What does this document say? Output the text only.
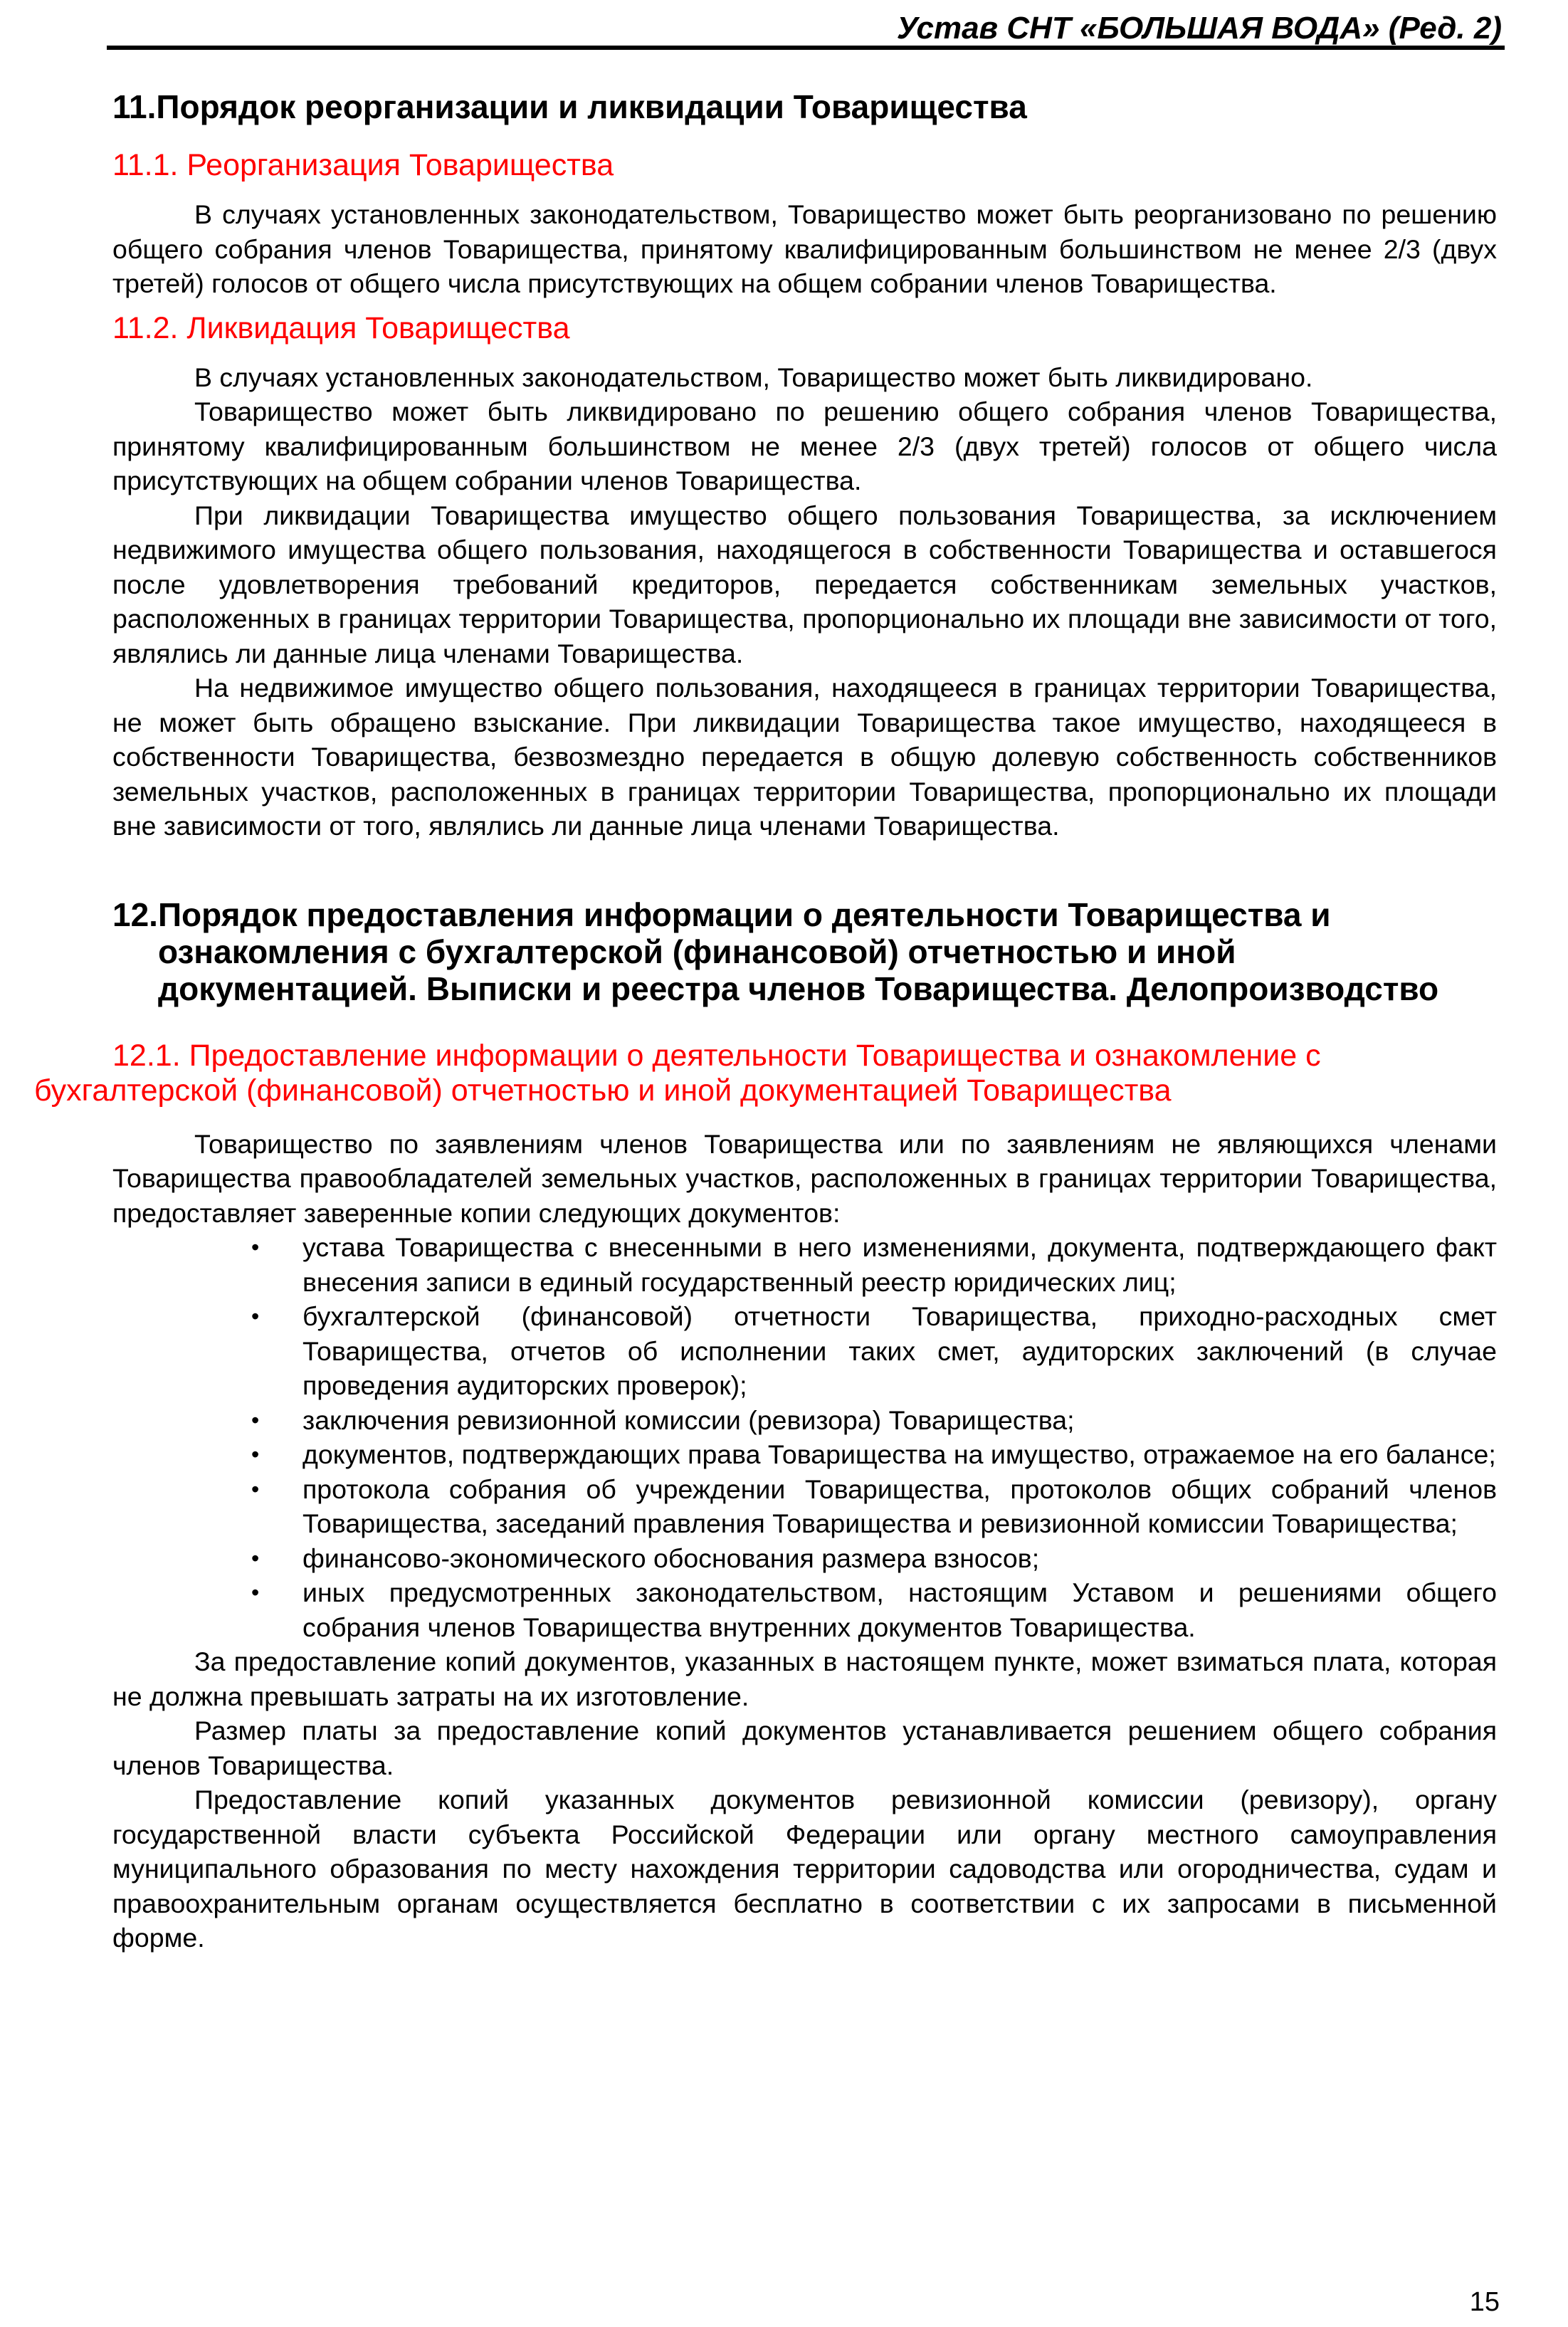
Устав СНТ «БОЛЬШАЯ ВОДА» (Ред. 2)
11.Порядок реорганизации и ликвидации Товарищества
11.1. Реорганизация Товарищества

В случаях установленных законодательством, Товарищество может быть реорганизовано по решению общего собрания членов Товарищества, принятому квалифицированным большинством не менее 2/3 (двух третей) голосов от общего числа присутствующих на общем собрании членов Товарищества.

11.2. Ликвидация Товарищества

В случаях установленных законодательством, Товарищество может быть ликвидировано.

Товарищество может быть ликвидировано по решению общего собрания членов Товарищества, принятому квалифицированным большинством не менее 2/3 (двух третей) голосов от общего числа присутствующих на общем собрании членов Товарищества.

При ликвидации Товарищества имущество общего пользования Товарищества, за исключением недвижимого имущества общего пользования, находящегося в собственности Товарищества и оставшегося после удовлетворения требований кредиторов, передается собственникам земельных участков, расположенных в границах территории Товарищества, пропорционально их площади вне зависимости от того, являлись ли данные лица членами Товарищества.

На недвижимое имущество общего пользования, находящееся в границах территории Товарищества, не может быть обращено взыскание. При ликвидации Товарищества такое имущество, находящееся в собственности Товарищества, безвозмездно передается в общую долевую собственность собственников земельных участков, расположенных в границах территории Товарищества, пропорционально их площади вне зависимости от того, являлись ли данные лица членами Товарищества.

12. Порядок предоставления информации о деятельности Товарищества и ознакомления с бухгалтерской (финансовой) отчетностью и иной документацией. Выписки и реестра членов Товарищества. Делопроизводство
12.1. Предоставление информации о деятельности Товарищества и ознакомление с бухгалтерской (финансовой) отчетностью и иной документацией Товарищества

Товарищество по заявлениям членов Товарищества или по заявлениям не являющихся членами Товарищества правообладателей земельных участков, расположенных в границах территории Товарищества, предоставляет заверенные копии следующих документов:

• устава Товарищества с внесенными в него изменениями, документа, подтверждающего факт внесения записи в единый государственный реестр юридических лиц;
• бухгалтерской (финансовой) отчетности Товарищества, приходно-расходных смет Товарищества, отчетов об исполнении таких смет, аудиторских заключений (в случае проведения аудиторских проверок);
• заключения ревизионной комиссии (ревизора) Товарищества;
• документов, подтверждающих права Товарищества на имущество, отражаемое на его балансе;
• протокола собрания об учреждении Товарищества, протоколов общих собраний членов Товарищества, заседаний правления Товарищества и ревизионной комиссии Товарищества;
• финансово-экономического обоснования размера взносов;
• иных предусмотренных законодательством, настоящим Уставом и решениями общего собрания членов Товарищества внутренних документов Товарищества.

За предоставление копий документов, указанных в настоящем пункте, может взиматься плата, которая не должна превышать затраты на их изготовление.

Размер платы за предоставление копий документов устанавливается решением общего собрания членов Товарищества.

Предоставление копий указанных документов ревизионной комиссии (ревизору), органу государственной власти субъекта Российской Федерации или органу местного самоуправления муниципального образования по месту нахождения территории садоводства или огородничества, судам и правоохранительным органам осуществляется бесплатно в соответствии с их запросами в письменной форме.

15
